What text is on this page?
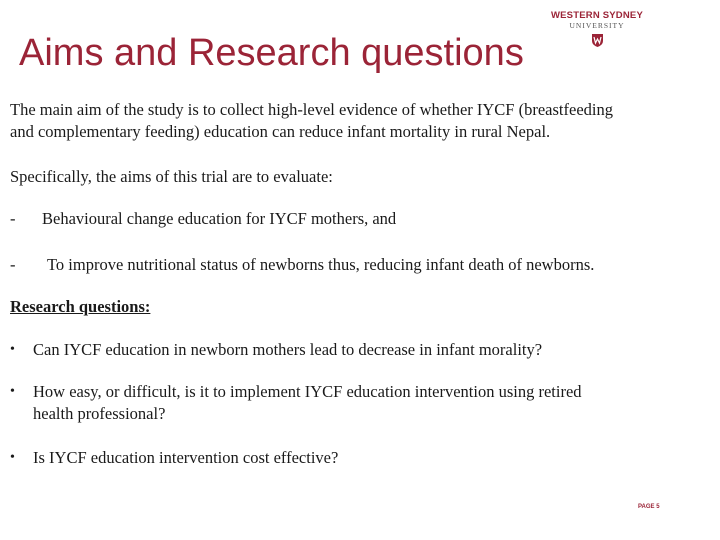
Aims and Research questions
WESTERN SYDNEY
UNIVERSITY
The main aim of the study is to collect high-level evidence of whether IYCF (breastfeeding
and complementary feeding) education can reduce infant mortality in rural Nepal.
Specifically, the aims of this trial are to evaluate:
- Behavioural change education for IYCF mothers, and
- To improve nutritional status of newborns thus, reducing infant death of newborns.
Research questions:
• Can IYCF education in newborn mothers lead to decrease in infant morality?
• How easy, or difficult, is it to implement IYCF education intervention using retired
health professional?
• Is IYCF education intervention cost effective?
PAGE 5
